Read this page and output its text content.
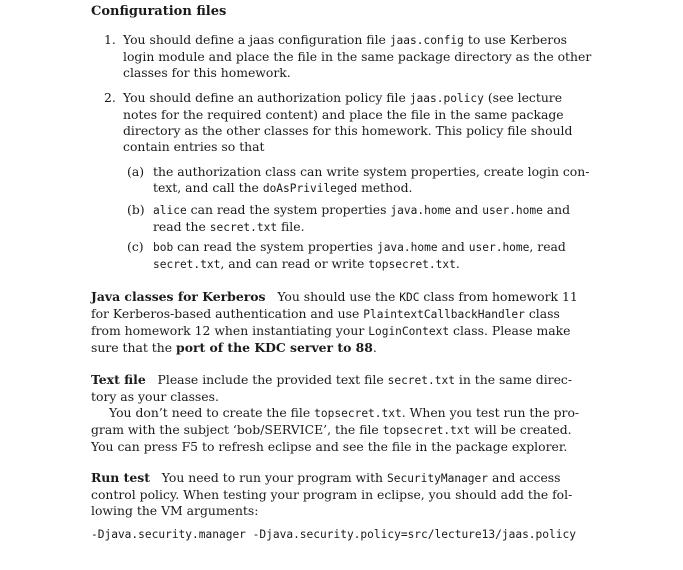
Configuration files
1. You should define a jaas configuration file jaas.config to use Kerberos
login module and place the file in the same package directory as the other
classes for this homework.
2. You should define an authorization policy file jaas.policy (see lecture
notes for the required content) and place the file in the same package
directory as the other classes for this homework. This policy file should
contain entries so that
(a) the authorization class can write system properties, create login con-
text, and call the doAsPrivileged method.
(b) alice can read the system properties java.home and user.home and
read the secret.txt file.
(c) bob can read the system properties java.home and user.home, read
secret.txt, and can read or write topsecret.txt.
Java classes for Kerberos You should use the KDC class from homework 11
for Kerberos-based authentication and use PlaintextCallbackHandler class
from homework 12 when instantiating your LoginContext class. Please make
sure that the port of the KDC server to 88.
Text file Please include the provided text file secret.txt in the same direc-
tory as your classes.
You don’t need to create the file topsecret.txt. When you test run the pro-
gram with the subject ‘bob/SERVICE’, the file topsecret.txt will be created.
You can press F5 to refresh eclipse and see the file in the package explorer.
Run test You need to run your program with SecurityManager and access
control policy. When testing your program in eclipse, you should add the fol-
lowing the VM arguments:
-Djava.security.manager -Djava.security.policy=src/lecture13/jaas.policy
